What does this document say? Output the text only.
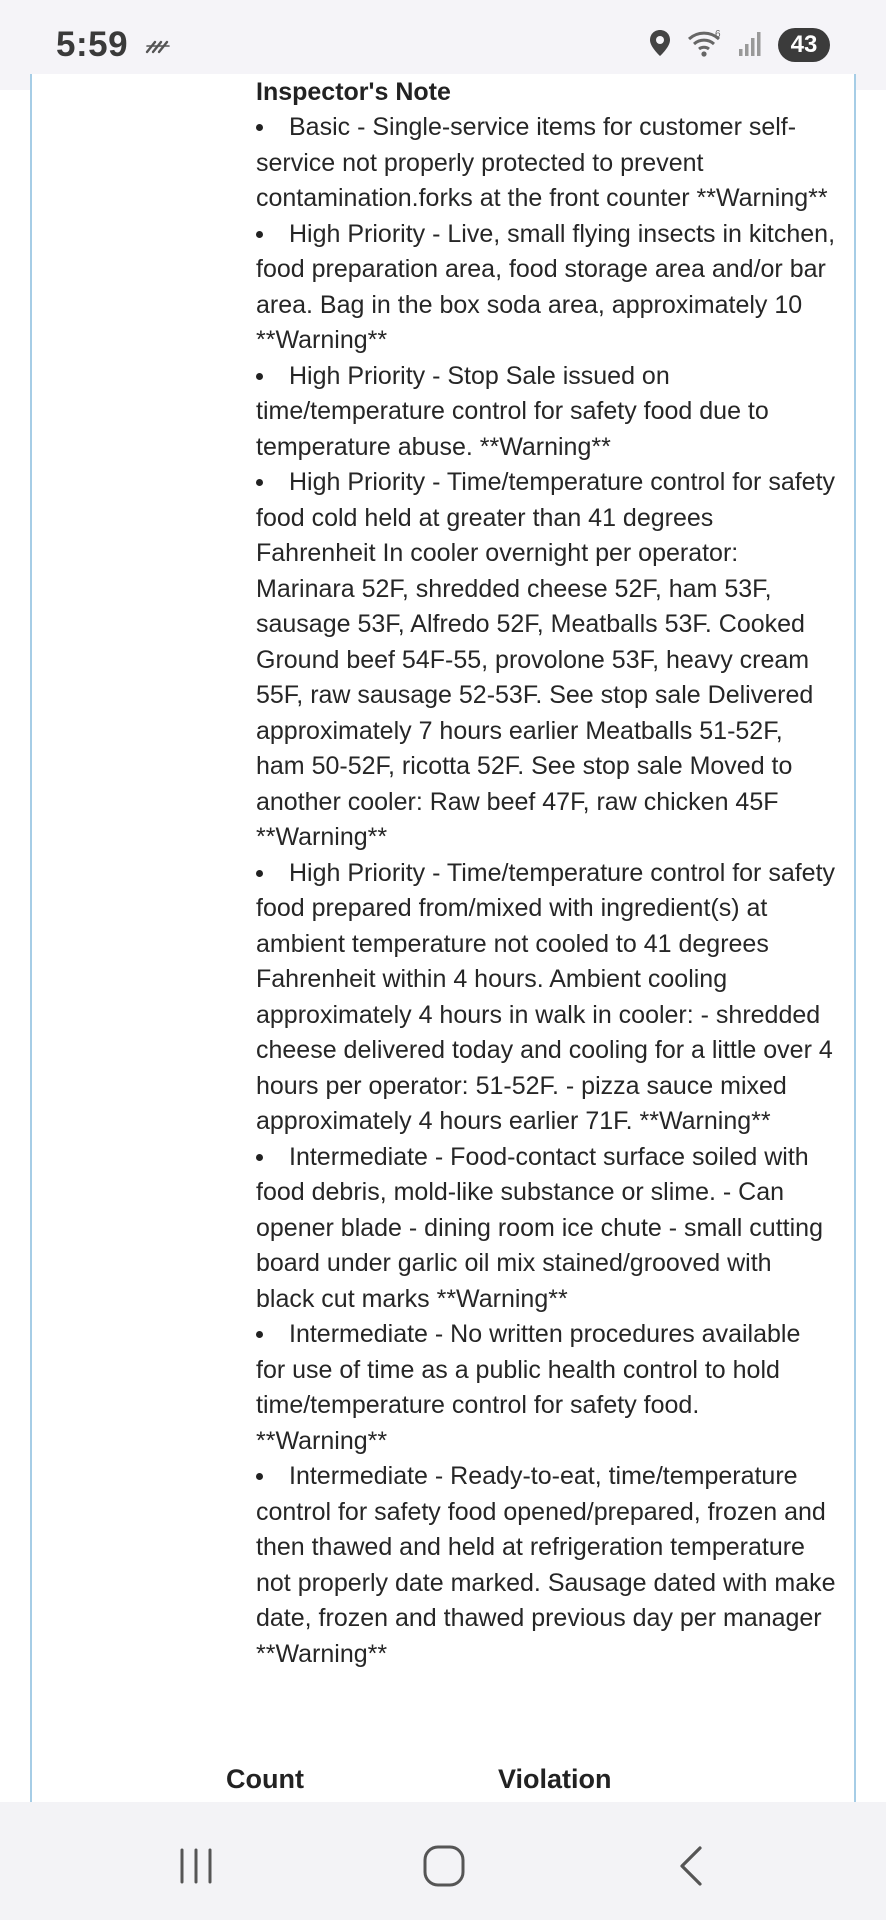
5:59	6	43

Inspector's Note

Basic - Single-service items for customer self-service not properly protected to prevent contamination.forks at the front counter **Warning**
High Priority - Live, small flying insects in kitchen, food preparation area, food storage area and/or bar area. Bag in the box soda area, approximately 10 **Warning**
High Priority - Stop Sale issued on time/temperature control for safety food due to temperature abuse. **Warning**
High Priority - Time/temperature control for safety food cold held at greater than 41 degrees Fahrenheit In cooler overnight per operator: Marinara 52F, shredded cheese 52F, ham 53F, sausage 53F, Alfredo 52F, Meatballs 53F. Cooked Ground beef 54F-55, provolone 53F, heavy cream 55F, raw sausage 52-53F. See stop sale Delivered approximately 7 hours earlier Meatballs 51-52F, ham 50-52F, ricotta 52F. See stop sale Moved to another cooler: Raw beef 47F, raw chicken 45F **Warning**
High Priority - Time/temperature control for safety food prepared from/mixed with ingredient(s) at ambient temperature not cooled to 41 degrees Fahrenheit within 4 hours. Ambient cooling approximately 4 hours in walk in cooler: - shredded cheese delivered today and cooling for a little over 4 hours per operator: 51-52F. - pizza sauce mixed approximately 4 hours earlier 71F. **Warning**
Intermediate - Food-contact surface soiled with food debris, mold-like substance or slime. - Can opener blade - dining room ice chute - small cutting board under garlic oil mix stained/grooved with black cut marks **Warning**
Intermediate - No written procedures available for use of time as a public health control to hold time/temperature control for safety food. **Warning**
Intermediate - Ready-to-eat, time/temperature control for safety food opened/prepared, frozen and then thawed and held at refrigeration temperature not properly date marked. Sausage dated with make date, frozen and thawed previous day per manager **Warning**
Count	Violation
